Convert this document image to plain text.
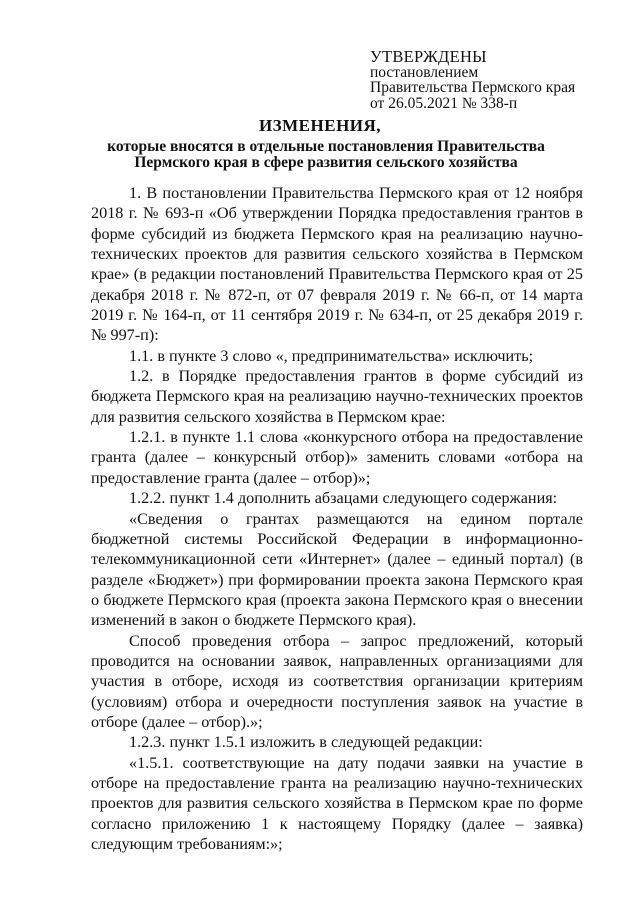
УТВЕРЖДЕНЫ
постановлением
Правительства Пермского края
от 26.05.2021 № 338-п
ИЗМЕНЕНИЯ,
которые вносятся в отдельные постановления Правительства
Пермского края в сфере развития сельского хозяйства

1. В постановлении Правительства Пермского края от 12 ноября 2018 г. № 693-п «Об утверждении Порядка предоставления грантов в форме субсидий из бюджета Пермского края на реализацию научно-технических проектов для развития сельского хозяйства в Пермском крае» (в редакции постановлений Правительства Пермского края от 25 декабря 2018 г. № 872-п, от 07 февраля 2019 г. № 66-п, от 14 марта 2019 г. № 164-п, от 11 сентября 2019 г. № 634-п, от 25 декабря 2019 г. № 997-п):

1.1. в пункте 3 слово «, предпринимательства» исключить;

1.2. в Порядке предоставления грантов в форме субсидий из бюджета Пермского края на реализацию научно-технических проектов для развития сельского хозяйства в Пермском крае:

1.2.1. в пункте 1.1 слова «конкурсного отбора на предоставление гранта (далее – конкурсный отбор)» заменить словами «отбора на предоставление гранта (далее – отбор)»;

1.2.2. пункт 1.4 дополнить абзацами следующего содержания:

«Сведения о грантах размещаются на едином портале бюджетной системы Российской Федерации в информационно-телекоммуникационной сети «Интернет» (далее – единый портал) (в разделе «Бюджет») при формировании проекта закона Пермского края о бюджете Пермского края (проекта закона Пермского края о внесении изменений в закон о бюджете Пермского края).

Способ проведения отбора – запрос предложений, который проводится на основании заявок, направленных организациями для участия в отборе, исходя из соответствия организации критериям (условиям) отбора и очередности поступления заявок на участие в отборе (далее – отбор).»;

1.2.3. пункт 1.5.1 изложить в следующей редакции:

«1.5.1. соответствующие на дату подачи заявки на участие в отборе на предоставление гранта на реализацию научно-технических проектов для развития сельского хозяйства в Пермском крае по форме согласно приложению 1 к настоящему Порядку (далее – заявка) следующим требованиям:»;
